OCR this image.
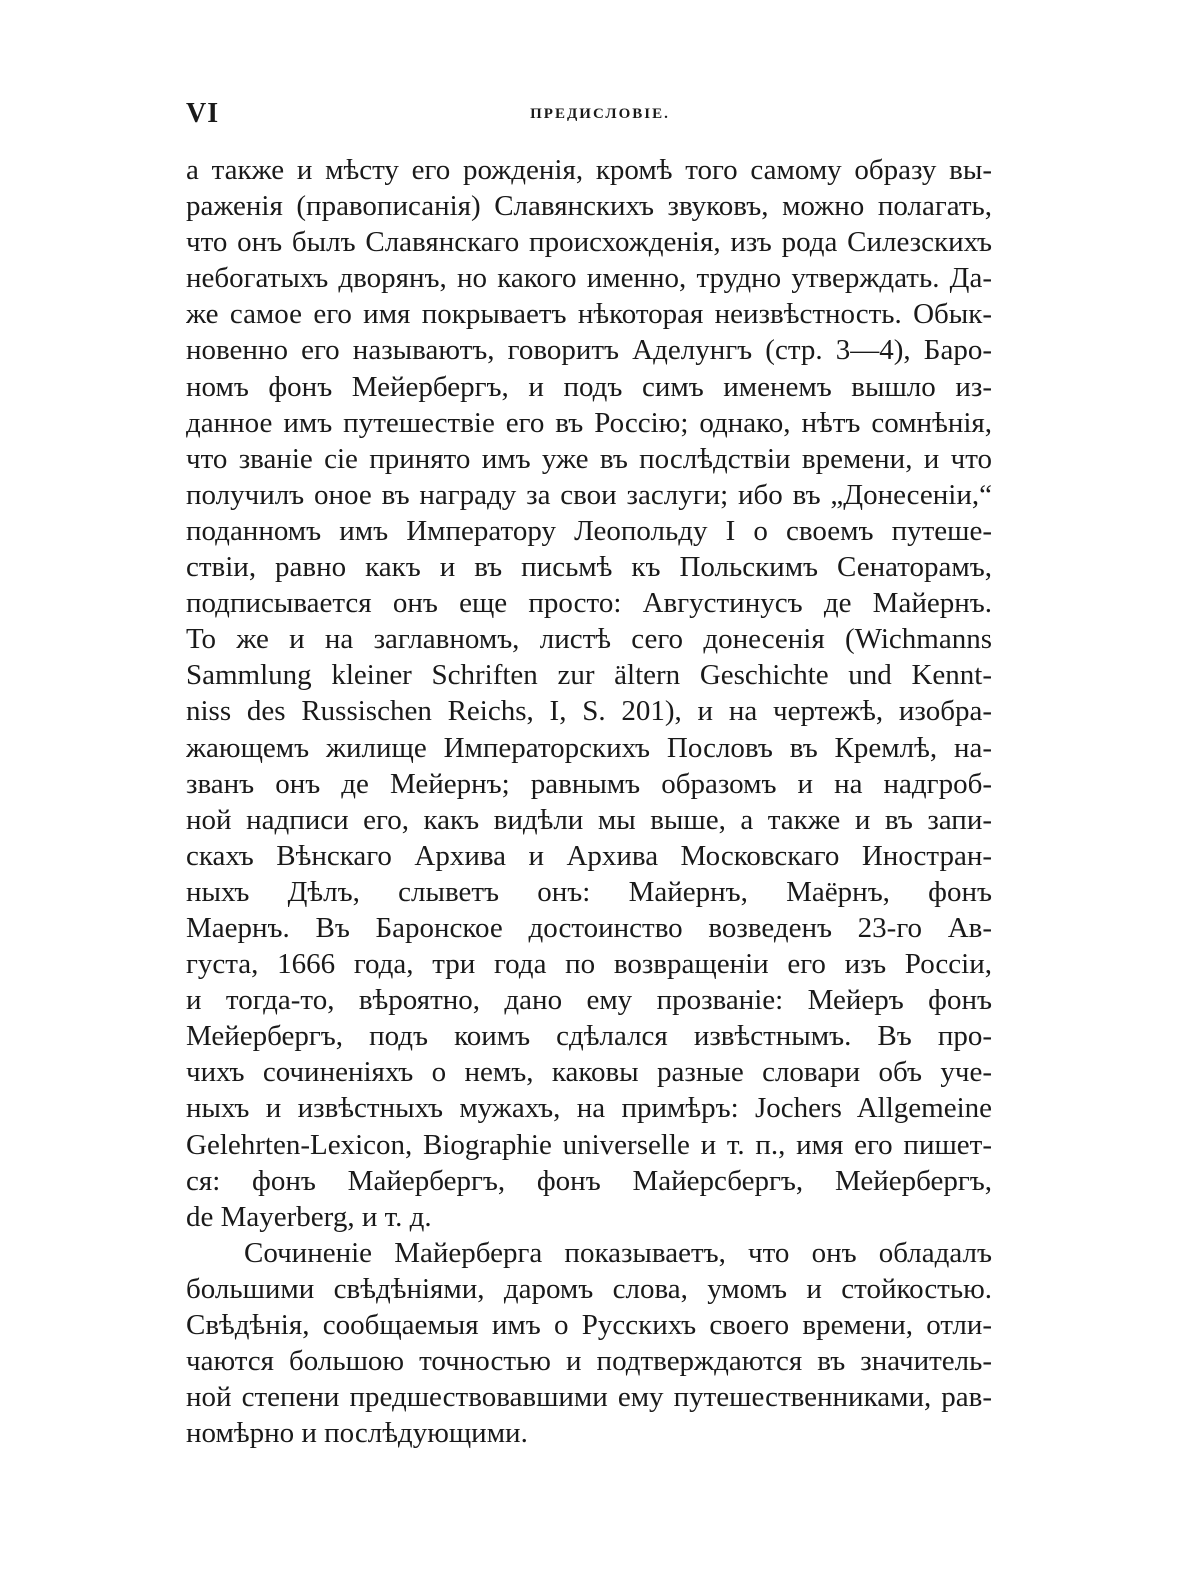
VI	ПРЕДИСЛОВІЕ.
а также и мѣсту его рожденія, кромѣ того самому образу вы-
раженія (правописанія) Славянскихъ звуковъ, можно полагать,
что онъ былъ Славянскаго происхожденія, изъ рода Силезскихъ
небогатыхъ дворянъ, но какого именно, трудно утверждать. Да-
же самое его имя покрываетъ нѣкоторая неизвѣстность. Обык-
новенно его называютъ, говоритъ Аделунгъ (стр. 3—4), Баро-
номъ фонъ Мейербергъ, и подъ симъ именемъ вышло из-
данное имъ путешествіе его въ Россію; однако, нѣтъ сомнѣнія,
что званіе сіе принято имъ уже въ послѣдствіи времени, и что
получилъ оное въ награду за свои заслуги; ибо въ „Донесеніи,“
поданномъ имъ Императору Леопольду I о своемъ путеше-
ствіи, равно какъ и въ письмѣ къ Польскимъ Сенаторамъ,
подписывается онъ еще просто: Августинусъ де Майернъ.
То же и на заглавномъ, листѣ сего донесенія (Wichmanns
Sammlung kleiner Schriften zur ältern Geschichte und Kennt-
niss des Russischen Reichs, I, S. 201), и на чертежѣ, изобра-
жающемъ жилище Императорскихъ Пословъ въ Кремлѣ, на-
званъ онъ де Мейернъ; равнымъ образомъ и на надгроб-
ной надписи его, какъ видѣли мы выше, а также и въ запи-
скахъ Вѣнскаго Архива и Архива Московскаго Иностран-
ныхъ Дѣлъ, слыветъ онъ: Майернъ, Маёрнъ, фонъ
Маернъ. Въ Баронское достоинство возведенъ 23-го Ав-
густа, 1666 года, три года по возвращеніи его изъ Россіи,
и тогда-то, вѣроятно, дано ему прозваніе: Мейеръ фонъ
Мейербергъ, подъ коимъ сдѣлался извѣстнымъ. Въ про-
чихъ сочиненіяхъ о немъ, каковы разные словари объ уче-
ныхъ и извѣстныхъ мужахъ, на примѣръ: Jochers Allgemeine
Gelehrten-Lexicon, Biographie universelle и т. п., имя его пишет-
ся: фонъ Майербергъ, фонъ Майерсбергъ, Мейербергъ,
de Mayerberg, и т. д.
Сочиненіе Майерберга показываетъ, что онъ обладалъ
большими свѣдѣніями, даромъ слова, умомъ и стойкостью.
Свѣдѣнія, сообщаемыя имъ о Русскихъ своего времени, отли-
чаются большою точностью и подтверждаются въ значитель-
ной степени предшествовавшими ему путешественниками, рав-
номѣрно и послѣдующими.
